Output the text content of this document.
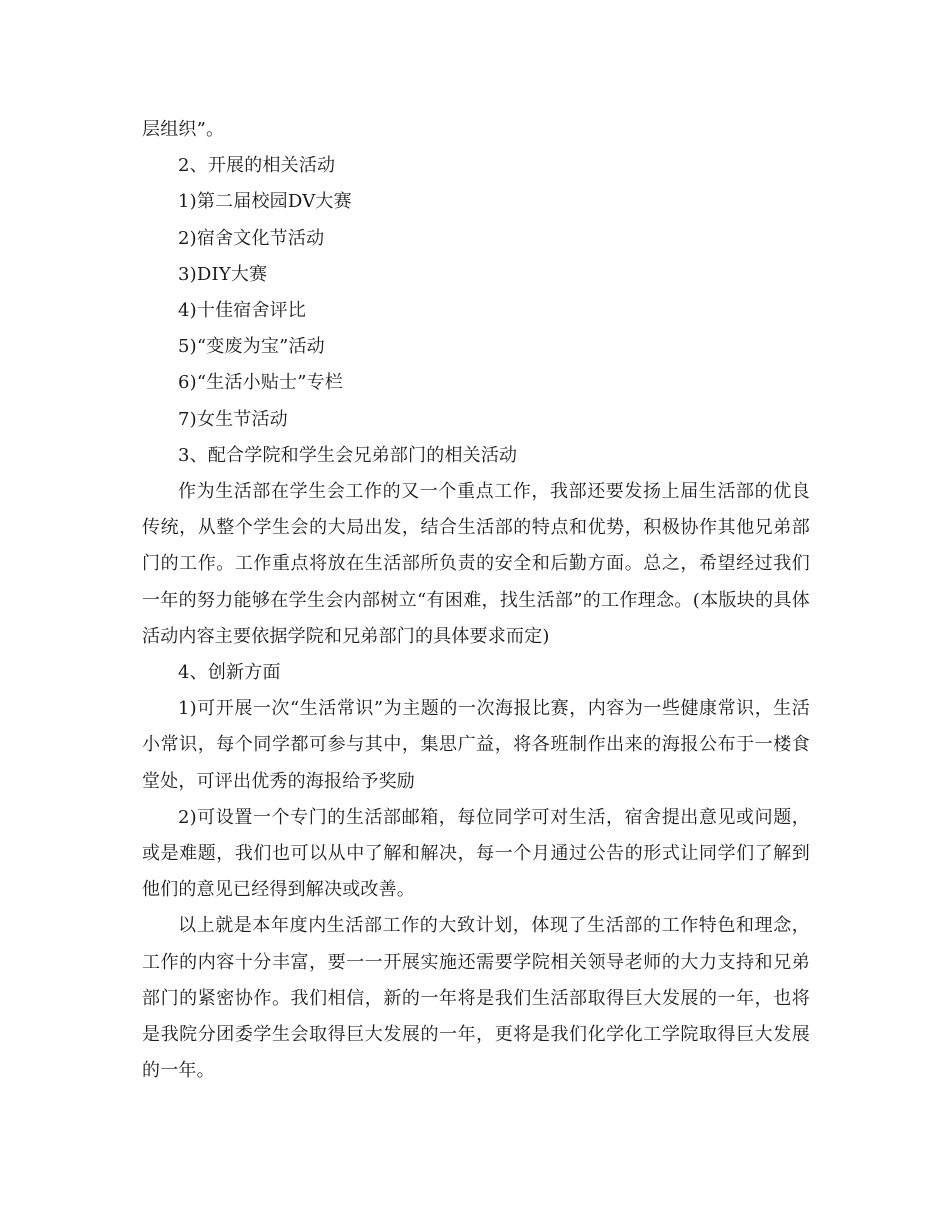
层组织”。

2、开展的相关活动

1)第二届校园DV大赛

2)宿舍文化节活动

3)DIY大赛

4)十佳宿舍评比

5)“变废为宝”活动

6)“生活小贴士”专栏

7)女生节活动

3、配合学院和学生会兄弟部门的相关活动

作为生活部在学生会工作的又一个重点工作，我部还要发扬上届生活部的优良传统，从整个学生会的大局出发，结合生活部的特点和优势，积极协作其他兄弟部门的工作。工作重点将放在生活部所负责的安全和后勤方面。总之，希望经过我们一年的努力能够在学生会内部树立“有困难，找生活部”的工作理念。(本版块的具体活动内容主要依据学院和兄弟部门的具体要求而定)

4、创新方面

1)可开展一次“生活常识”为主题的一次海报比赛，内容为一些健康常识，生活小常识，每个同学都可参与其中，集思广益，将各班制作出来的海报公布于一楼食堂处，可评出优秀的海报给予奖励

2)可设置一个专门的生活部邮箱，每位同学可对生活，宿舍提出意见或问题，或是难题，我们也可以从中了解和解决，每一个月通过公告的形式让同学们了解到他们的意见已经得到解决或改善。

以上就是本年度内生活部工作的大致计划，体现了生活部的工作特色和理念，工作的内容十分丰富，要一一开展实施还需要学院相关领导老师的大力支持和兄弟部门的紧密协作。我们相信，新的一年将是我们生活部取得巨大发展的一年，也将是我院分团委学生会取得巨大发展的一年，更将是我们化学化工学院取得巨大发展的一年。
